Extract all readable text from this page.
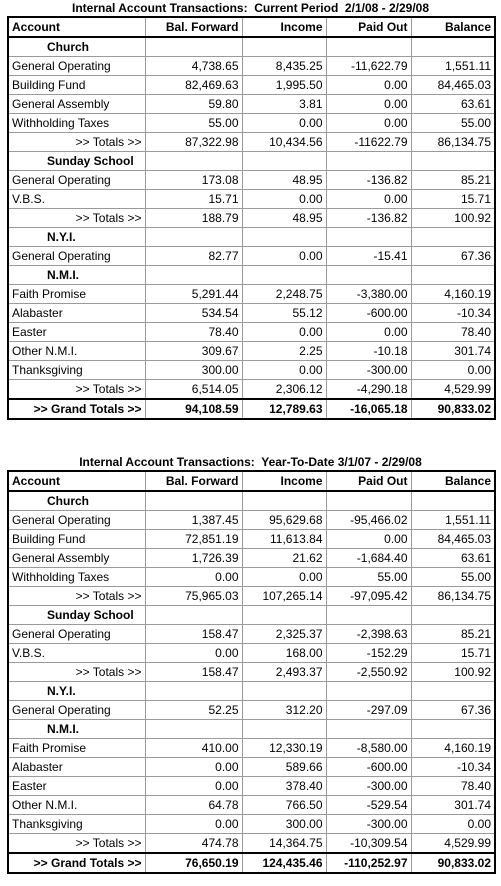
Internal Account Transactions:  Current Period  2/1/08 - 2/29/08
Account	Bal. Forward	Income	Paid Out	Balance
Church				
General Operating	4,738.65	8,435.25	-11,622.79	1,551.11
Building Fund	82,469.63	1,995.50	0.00	84,465.03
General Assembly	59.80	3.81	0.00	63.61
Withholding Taxes	55.00	0.00	0.00	55.00
>> Totals >>	87,322.98	10,434.56	-11622.79	86,134.75
Sunday School				
General Operating	173.08	48.95	-136.82	85.21
V.B.S.	15.71	0.00	0.00	15.71
>> Totals >>	188.79	48.95	-136.82	100.92
N.Y.I.				
General Operating	82.77	0.00	-15.41	67.36
N.M.I.				
Faith Promise	5,291.44	2,248.75	-3,380.00	4,160.19
Alabaster	534.54	55.12	-600.00	-10.34
Easter	78.40	0.00	0.00	78.40
Other N.M.I.	309.67	2.25	-10.18	301.74
Thanksgiving	300.00	0.00	-300.00	0.00
>> Totals >>	6,514.05	2,306.12	-4,290.18	4,529.99
>> Grand Totals >>	94,108.59	12,789.63	-16,065.18	90,833.02
Internal Account Transactions:  Year-To-Date 3/1/07 - 2/29/08
Account	Bal. Forward	Income	Paid Out	Balance
Church				
General Operating	1,387.45	95,629.68	-95,466.02	1,551.11
Building Fund	72,851.19	11,613.84	0.00	84,465.03
General Assembly	1,726.39	21.62	-1,684.40	63.61
Withholding Taxes	0.00	0.00	55.00	55.00
>> Totals >>	75,965.03	107,265.14	-97,095.42	86,134.75
Sunday School				
General Operating	158.47	2,325.37	-2,398.63	85.21
V.B.S.	0.00	168.00	-152.29	15.71
>> Totals >>	158.47	2,493.37	-2,550.92	100.92
N.Y.I.				
General Operating	52.25	312.20	-297.09	67.36
N.M.I.				
Faith Promise	410.00	12,330.19	-8,580.00	4,160.19
Alabaster	0.00	589.66	-600.00	-10.34
Easter	0.00	378.40	-300.00	78.40
Other N.M.I.	64.78	766.50	-529.54	301.74
Thanksgiving	0.00	300.00	-300.00	0.00
>> Totals >>	474.78	14,364.75	-10,309.54	4,529.99
>> Grand Totals >>	76,650.19	124,435.46	-110,252.97	90,833.02
